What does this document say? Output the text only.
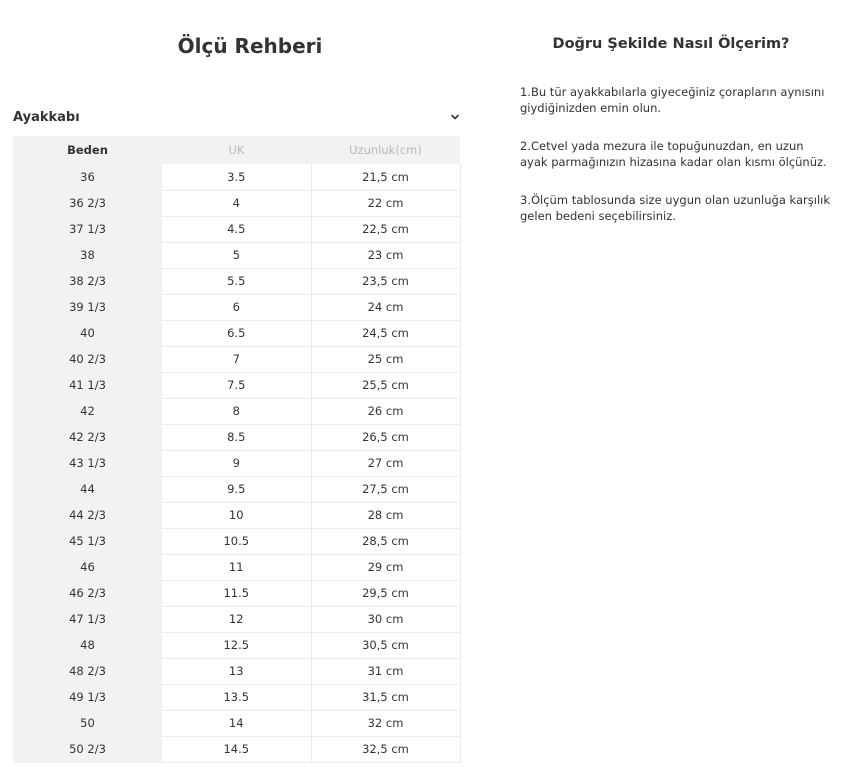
Ölçü Rehberi
Ayakkabı
Beden	UK	Uzunluk(cm)
36	3.5	21,5 cm
36 2/3	4	22 cm
37 1/3	4.5	22,5 cm
38	5	23 cm
38 2/3	5.5	23,5 cm
39 1/3	6	24 cm
40	6.5	24,5 cm
40 2/3	7	25 cm
41 1/3	7.5	25,5 cm
42	8	26 cm
42 2/3	8.5	26,5 cm
43 1/3	9	27 cm
44	9.5	27,5 cm
44 2/3	10	28 cm
45 1/3	10.5	28,5 cm
46	11	29 cm
46 2/3	11.5	29,5 cm
47 1/3	12	30 cm
48	12.5	30,5 cm
48 2/3	13	31 cm
49 1/3	13.5	31,5 cm
50	14	32 cm
50 2/3	14.5	32,5 cm
Doğru Şekilde Nasıl Ölçerim?

1.Bu tür ayakkabılarla giyeceğiniz çorapların aynısını giydiğinizden emin olun.

2.Cetvel yada mezura ile topuğunuzdan, en uzun ayak parmağınızın hizasına kadar olan kısmı ölçünüz.

3.Ölçüm tablosunda size uygun olan uzunluğa karşılık gelen bedeni seçebilirsiniz.
